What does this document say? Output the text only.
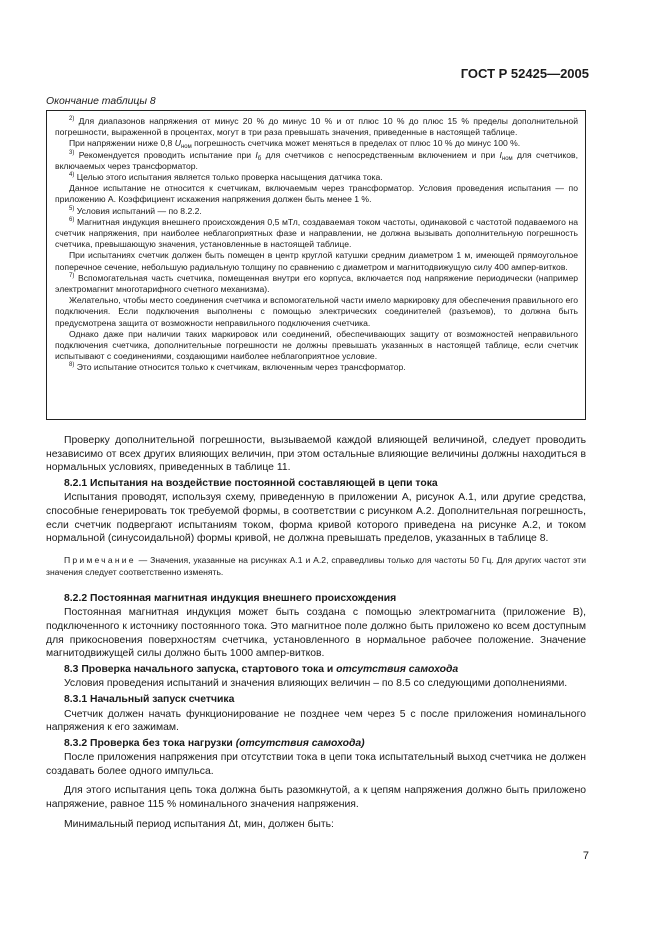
ГОСТ Р 52425—2005
Окончание таблицы 8

$^{2)}$ Для диапазонов напряжения от минус 20 % до минус 10 % и от плюс 10 % до плюс 15 % пределы дополнительной погрешности, выраженной в процентах, могут в три раза превышать значения, приведенные в настоящей таблице.

При напряжении ниже 0,8 $U_{ном}$ погрешность счетчика может меняться в пределах от плюс 10 % до минус 100 %.

$^{3)}$ Рекомендуется проводить испытание при $I_б$ для счетчиков с непосредственным включением и при $I_{ном}$ для счетчиков, включаемых через трансформатор.

$^{4)}$ Целью этого испытания является только проверка насыщения датчика тока.

Данное испытание не относится к счетчикам, включаемым через трансформатор. Условия проведения испытания — по приложению А. Коэффициент искажения напряжения должен быть менее 1 %.

$^{5)}$ Условия испытаний — по 8.2.2.

$^{6)}$ Магнитная индукция внешнего происхождения 0,5 мТл, создаваемая током частоты, одинаковой с частотой подаваемого на счетчик напряжения, при наиболее неблагоприятных фазе и направлении, не должна вызывать дополнительную погрешность счетчика, превышающую значения, установленные в настоящей таблице.

При испытаниях счетчик должен быть помещен в центр круглой катушки средним диаметром 1 м, имеющей прямоугольное поперечное сечение, небольшую радиальную толщину по сравнению с диаметром и магнитодвижущую силу 400 ампер-витков.

$^{7)}$ Вспомогательная часть счетчика, помещенная внутри его корпуса, включается под напряжение периодически (например электромагнит многотарифного счетного механизма).

Желательно, чтобы место соединения счетчика и вспомогательной части имело маркировку для обеспечения правильного его подключения. Если подключения выполнены с помощью электрических соединителей (разъемов), то должна быть предусмотрена защита от возможности неправильного подключения счетчика.

Однако даже при наличии таких маркировок или соединений, обеспечивающих защиту от возможностей неправильного подключения счетчика, дополнительные погрешности не должны превышать указанных в настоящей таблице, если счетчик испытывают с соединениями, создающими наиболее неблагоприятное условие.

$^{8)}$ Это испытание относится только к счетчикам, включенным через трансформатор.

Проверку дополнительной погрешности, вызываемой каждой влияющей величиной, следует проводить независимо от всех других влияющих величин, при этом остальные влияющие величины должны находиться в нормальных условиях, приведенных в таблице 11.

8.2.1 Испытания на воздействие постоянной составляющей в цепи тока

Испытания проводят, используя схему, приведенную в приложении А, рисунок А.1, или другие средства, способные генерировать ток требуемой формы, в соответствии с рисунком А.2. Дополнительная погрешность, если счетчик подвергают испытаниям током, форма кривой которого приведена на рисунке А.2, и током нормальной (синусоидальной) формы кривой, не должна превышать пределов, указанных в таблице 8.

Примечание — Значения, указанные на рисунках А.1 и А.2, справедливы только для частоты 50 Гц. Для других частот эти значения следует соответственно изменять.

8.2.2 Постоянная магнитная индукция внешнего происхождения

Постоянная магнитная индукция может быть создана с помощью электромагнита (приложение В), подключенного к источнику постоянного тока. Это магнитное поле должно быть приложено ко всем доступным для прикосновения поверхностям счетчика, установленного в нормальное рабочее положение. Значение магнитодвижущей силы должно быть 1000 ампер-витков.

8.3 Проверка начального запуска, стартового тока и отсутствия самохода

Условия проведения испытаний и значения влияющих величин – по 8.5 со следующими дополнениями.

8.3.1 Начальный запуск счетчика

Счетчик должен начать функционирование не позднее чем через 5 с после приложения номинального напряжения к его зажимам.

8.3.2 Проверка без тока нагрузки (отсутствия самохода)

После приложения напряжения при отсутствии тока в цепи тока испытательный выход счетчика не должен создавать более одного импульса.

Для этого испытания цепь тока должна быть разомкнутой, а к цепям напряжения должно быть приложено напряжение, равное 115 % номинального значения напряжения.

Минимальный период испытания Δt, мин, должен быть:

7
